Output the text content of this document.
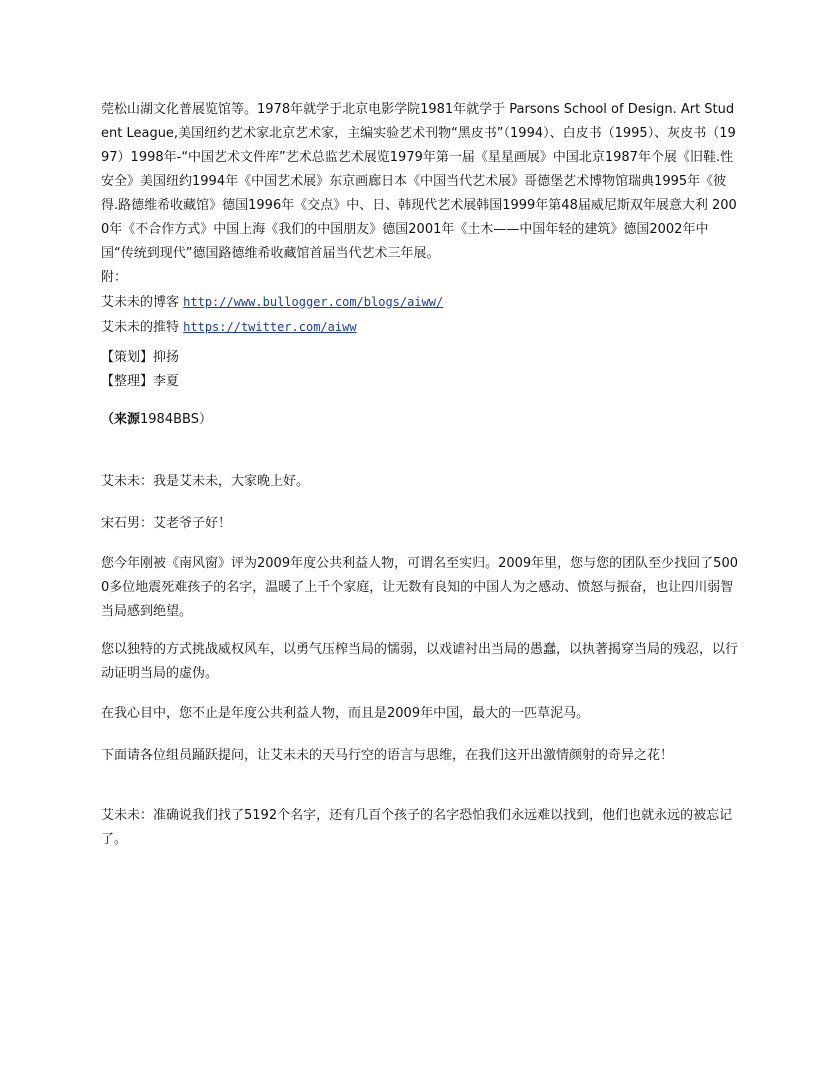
莞松山湖文化普展览馆等。1978年就学于北京电影学院1981年就学于 Parsons School of Design. Art Student League,美国纽约艺术家北京艺术家，主编实验艺术刊物“黑皮书”（1994）、白皮书（1995）、灰皮书（1997）1998年-“中国艺术文件库”艺术总监艺术展览1979年第一届《星星画展》中国北京1987年个展《旧鞋.性安全》美国纽约1994年《中国艺术展》东京画廊日本《中国当代艺术展》哥德堡艺术博物馆瑞典1995年《彼得.路德维希收藏馆》德国1996年《交点》中、日、韩现代艺术展韩国1999年第48届威尼斯双年展意大利 2000年《不合作方式》中国上海《我们的中国朋友》德国2001年《土木——中国年轻的建筑》德国2002年中国“传统到现代”德国路德维希收藏馆首届当代艺术三年展。

附：

艾未未的博客 http://www.bullogger.com/blogs/aiww/

艾未未的推特 https://twitter.com/aiww

【策划】抑扬

【整理】李夏

（来源1984BBS）

艾未未：我是艾未未，大家晚上好。

宋石男：艾老爷子好！

您今年刚被《南风窗》评为2009年度公共利益人物，可谓名至实归。2009年里，您与您的团队至少找回了5000多位地震死难孩子的名字，温暖了上千个家庭，让无数有良知的中国人为之感动、愤怒与振奋，也让四川弱智当局感到绝望。

您以独特的方式挑战威权风车，以勇气压榨当局的懦弱，以戏谑衬出当局的愚蠢，以执著揭穿当局的残忍，以行动证明当局的虚伪。

在我心目中，您不止是年度公共利益人物，而且是2009年中国，最大的一匹草泥马。

下面请各位组员踊跃提问，让艾未未的天马行空的语言与思维，在我们这开出激情颜射的奇异之花！

艾未未：准确说我们找了5192个名字，还有几百个孩子的名字恐怕我们永远难以找到，他们也就永远的被忘记了。
